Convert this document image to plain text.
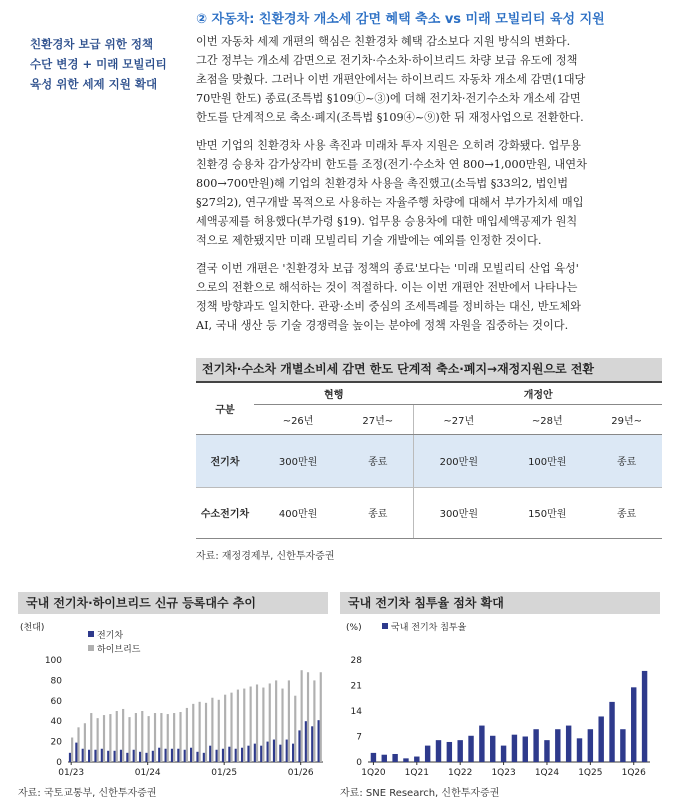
친환경차 보급 위한 정책
수단 변경 + 미래 모빌리티
육성 위한 세제 지원 확대
② 자동차: 친환경차 개소세 감면 혜택 축소 vs 미래 모빌리티 육성 지원
이번 자동차 세제 개편의 핵심은 친환경차 혜택 감소보다 지원 방식의 변화다.
그간 정부는 개소세 감면으로 전기차·수소차·하이브리드 차량 보급 유도에 정책
초점을 맞췄다. 그러나 이번 개편안에서는 하이브리드 자동차 개소세 감면(1대당
70만원 한도) 종료(조특법 §109①~③)에 더해 전기차·전기수소차 개소세 감면
한도를 단계적으로 축소·폐지(조특법 §109④~⑨)한 뒤 재정사업으로 전환한다.
반면 기업의 친환경차 사용 촉진과 미래차 투자 지원은 오히려 강화됐다. 업무용
친환경 승용차 감가상각비 한도를 조정(전기·수소차 연 800→1,000만원, 내연차
800→700만원)해 기업의 친환경차 사용을 촉진했고(소득법 §33의2, 법인법
§27의2), 연구개발 목적으로 사용하는 자율주행 차량에 대해서 부가가치세 매입
세액공제를 허용했다(부가령 §19). 업무용 승용차에 대한 매입세액공제가 원칙
적으로 제한됐지만 미래 모빌리티 기술 개발에는 예외를 인정한 것이다.
결국 이번 개편은 '친환경차 보급 정책의 종료'보다는 '미래 모빌리티 산업 육성'
으로의 전환으로 해석하는 것이 적절하다. 이는 이번 개편안 전반에서 나타나는
정책 방향과도 일치한다. 관광·소비 중심의 조세특례를 정비하는 대신, 반도체와
AI, 국내 생산 등 기술 경쟁력을 높이는 분야에 정책 자원을 집중하는 것이다.
전기차·수소차 개별소비세 감면 한도 단계적 축소·폐지→재정지원으로 전환
구분	현행		개정안		
	~26년	27년~	~27년	~28년	29년~
전기차	300만원	종료	200만원	100만원	종료
수소전기차	400만원	종료	300만원	150만원	종료
자료: 재정경제부, 신한투자증권
국내 전기차·하이브리드 신규 등록대수 추이
(천대)
전기차
하이브리드
0
20
40
60
80
100
01/23	01/24	01/25	01/26
자료: 국토교통부, 신한투자증권
국내 전기차 침투율 점차 확대
(%)	국내 전기차 침투율
0
7
14
21
28
1Q20 1Q21 1Q22 1Q23 1Q24 1Q25 1Q26
자료: SNE Research, 신한투자증권
